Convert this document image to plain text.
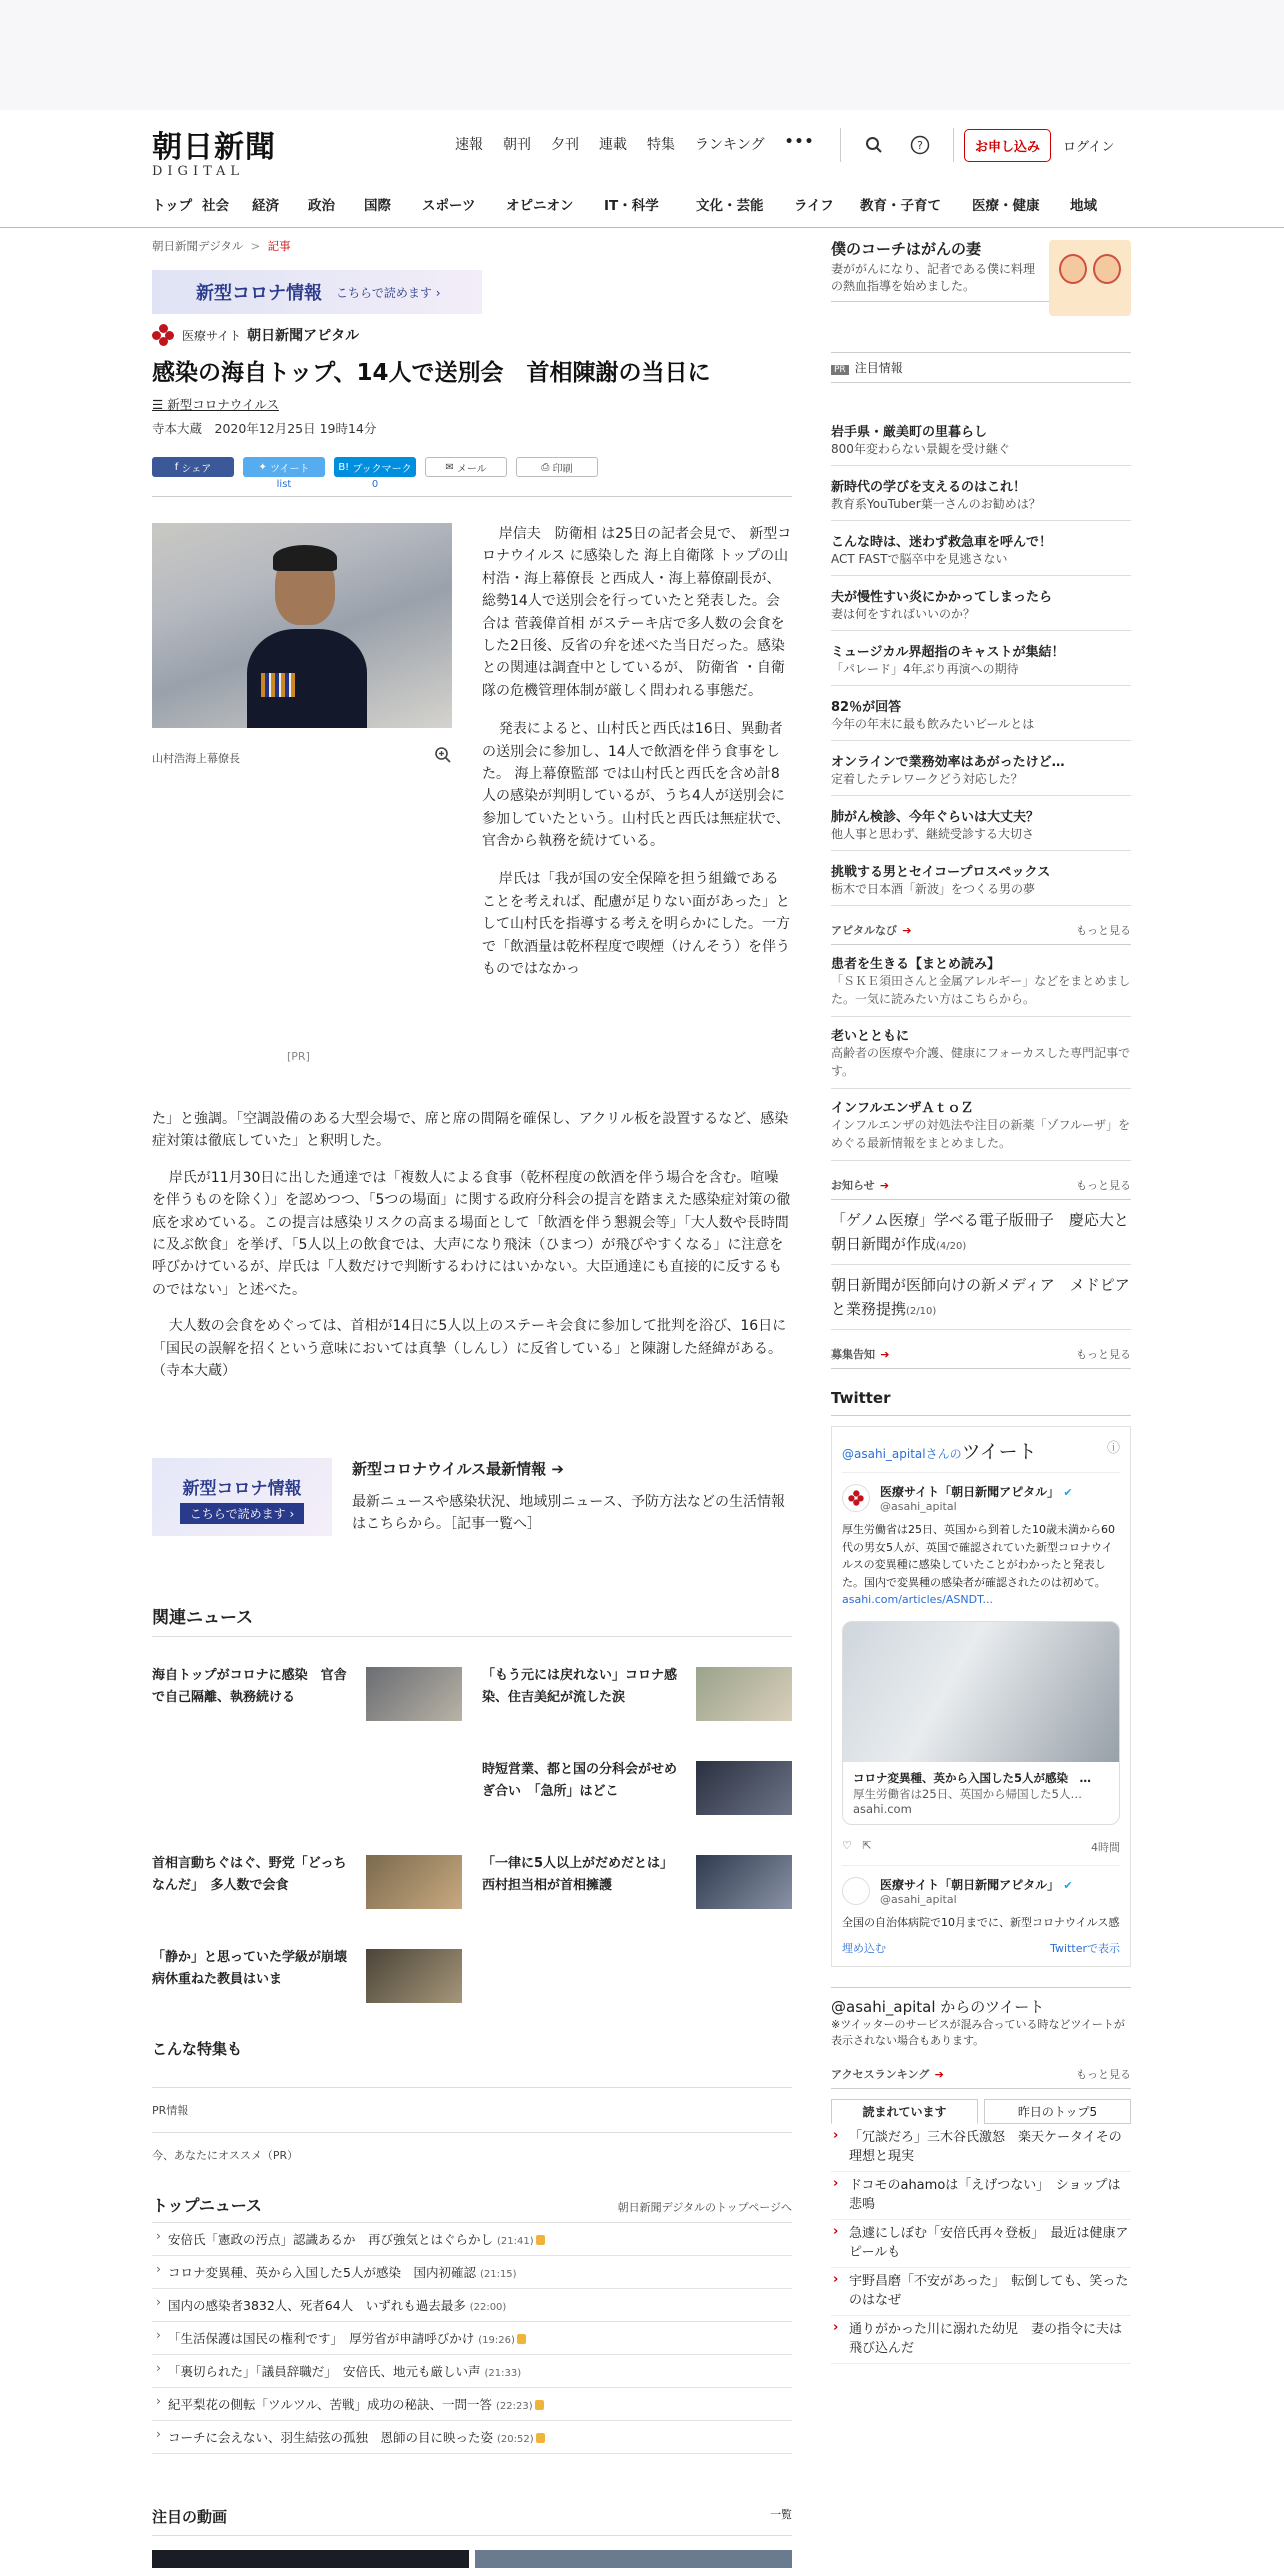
朝日新聞
DIGITAL
速報 朝刊 夕刊 連載 特集 ランキング •••	?	お申し込み	ログイン
トップ 社会	経済	政治	国際	スポーツ	オピニオン	IT・科学	文化・芸能	ライフ	教育・子育て	医療・健康	地域
朝日新聞デジタル > 記事
新型コロナ情報 こちらで読めます ›
医療サイト 朝日新聞アピタル
感染の海自トップ、14人で送別会　首相陳謝の当日に
☰ 新型コロナウイルス
寺本大蔵　2020年12月25日 19時14分
f シェア	✦ ツイート
list
B! ブックマーク
0
✉ メール	⎙ 印刷
山村浩海上幕僚長
[PR]

岸信夫　防衛相 は25日の記者会見で、 新型コロナウイルス に感染した 海上自衛隊 トップの山村浩・海上幕僚長 と西成人・海上幕僚副長が、総勢14人で送別会を行っていたと発表した。会合は 菅義偉首相 がステーキ店で多人数の会食をした2日後、反省の弁を述べた当日だった。感染との関連は調査中としているが、 防衛省 ・自衛隊の危機管理体制が厳しく問われる事態だ。

発表によると、山村氏と西氏は16日、異動者の送別会に参加し、14人で飲酒を伴う食事をした。 海上幕僚監部 では山村氏と西氏を含め計8人の感染が判明しているが、うち4人が送別会に参加していたという。山村氏と西氏は無症状で、官舎から執務を続けている。

岸氏は「我が国の安全保障を担う組織であることを考えれば、配慮が足りない面があった」として山村氏を指導する考えを明らかにした。一方で「飲酒量は乾杯程度で喫煙（けんそう）を伴うものではなかっ

た」と強調。「空調設備のある大型会場で、席と席の間隔を確保し、アクリル板を設置するなど、感染症対策は徹底していた」と釈明した。

岸氏が11月30日に出した通達では「複数人による食事（乾杯程度の飲酒を伴う場合を含む。喧噪を伴うものを除く）」を認めつつ、「5つの場面」に関する政府分科会の提言を踏まえた感染症対策の徹底を求めている。この提言は感染リスクの高まる場面として「飲酒を伴う懇親会等」「大人数や長時間に及ぶ飲食」を挙げ、「5人以上の飲食では、大声になり飛沫（ひまつ）が飛びやすくなる」に注意を呼びかけているが、岸氏は「人数だけで判断するわけにはいかない。大臣通達にも直接的に反するものではない」と述べた。

大人数の会食をめぐっては、首相が14日に5人以上のステーキ会食に参加して批判を浴び、16日に「国民の誤解を招くという意味においては真摯（しんし）に反省している」と陳謝した経緯がある。（寺本大蔵）

新型コロナ情報
こちらで読めます ›
新型コロナウイルス最新情報 ➔

最新ニュースや感染状況、地域別ニュース、予防方法などの生活情報はこちらから。［記事一覧へ］

関連ニュース
海自トップがコロナに感染　官舎で自己隔離、執務続ける
「もう元には戻れない」コロナ感染、住吉美紀が流した涙
時短営業、都と国の分科会がせめぎ合い　「急所」はどこ
首相言動ちぐはぐ、野党「どっちなんだ」　多人数で会食
「一律に5人以上がだめだとは」　西村担当相が首相擁護
「静か」と思っていた学級が崩壊　病休重ねた教員はいま
こんな特集も
PR情報
今、あなたにオススメ（PR）
トップニュース	朝日新聞デジタルのトップページへ
› 安倍氏「憲政の汚点」認識あるか　再び強気とはぐらかし (21:41)
› コロナ変異種、英から入国した5人が感染　国内初確認 (21:15)
› 国内の感染者3832人、死者64人　いずれも過去最多 (22:00)
› 「生活保護は国民の権利です」　厚労省が申請呼びかけ (19:26)
› 「裏切られた」「議員辞職だ」　安倍氏、地元も厳しい声 (21:33)
› 紀平梨花の側転「ツルツル、苦戦」成功の秘訣、一問一答 (22:23)
› コーチに会えない、羽生結弦の孤独　恩師の目に映った姿 (20:52)
注目の動画	一覧
僕のコーチはがんの妻

妻ががんになり、記者である僕に料理の熱血指導を始めました。

PR 注目情報
岩手県・厳美町の里暮らし
800年変わらない景観を受け継ぐ
新時代の学びを支えるのはこれ！
教育系YouTuber葉一さんのお勧めは？
こんな時は、迷わず救急車を呼んで！
ACT FASTで脳卒中を見逃さない
夫が慢性すい炎にかかってしまったら
妻は何をすればいいのか？
ミュージカル界超指のキャストが集結！
「パレード」4年ぶり再演への期待
82％が回答
今年の年末に最も飲みたいビールとは
オンラインで業務効率はあがったけど…
定着したテレワークどう対応した？
肺がん検診、今年ぐらいは大丈夫？
他人事と思わず、継続受診する大切さ
挑戦する男とセイコープロスペックス
栃木で日本酒「新波」をつくる男の夢
アピタルなび ➔	もっと見る
患者を生きる【まとめ読み】
「ＳＫＥ須田さんと金属アレルギー」などをまとめました。一気に読みたい方はこちらから。
老いとともに
高齢者の医療や介護、健康にフォーカスした専門記事です。
インフルエンザＡｔｏＺ
インフルエンザの対処法や注目の新薬「ゾフルーザ」をめぐる最新情報をまとめました。
お知らせ ➔	もっと見る
「ゲノム医療」学べる電子版冊子　慶応大と朝日新聞が作成(4/20)
朝日新聞が医師向けの新メディア　メドピアと業務提携(2/10)
募集告知 ➔	もっと見る
Twitter
@asahi_apitalさんのツイート	ⓘ
医療サイト「朝日新聞アピタル」 ✔
@asahi_apital
厚生労働省は25日、英国から到着した10歳未満から60代の男女5人が、英国で確認されていた新型コロナウイルスの変異種に感染していたことがわかったと発表した。国内で変異種の感染者が確認されたのは初めて。 asahi.com/articles/ASNDT...
コロナ変異種、英から入国した5人が感染　…
厚生労働省は25日、英国から帰国した5人…
asahi.com
♡ ⇱	4時間
医療サイト「朝日新聞アピタル」 ✔
@asahi_apital
全国の自治体病院で10月までに、新型コロナウイルス感
埋め込む	Twitterで表示
@asahi_apital からのツイート
※ツイッターのサービスが混み合っている時などツイートが表示されない場合もあります。
アクセスランキング ➔	もっと見る
読まれています	昨日のトップ5
› 「冗談だろ」三木谷氏激怒　楽天ケータイその理想と現実
› ドコモのahamoは「えげつない」　ショップは悲鳴
› 急遽にしぼむ「安倍氏再々登板」　最近は健康アピールも
› 宇野昌磨「不安があった」　転倒しても、笑ったのはなぜ
› 通りがかった川に溺れた幼児　妻の指令に夫は飛び込んだ
